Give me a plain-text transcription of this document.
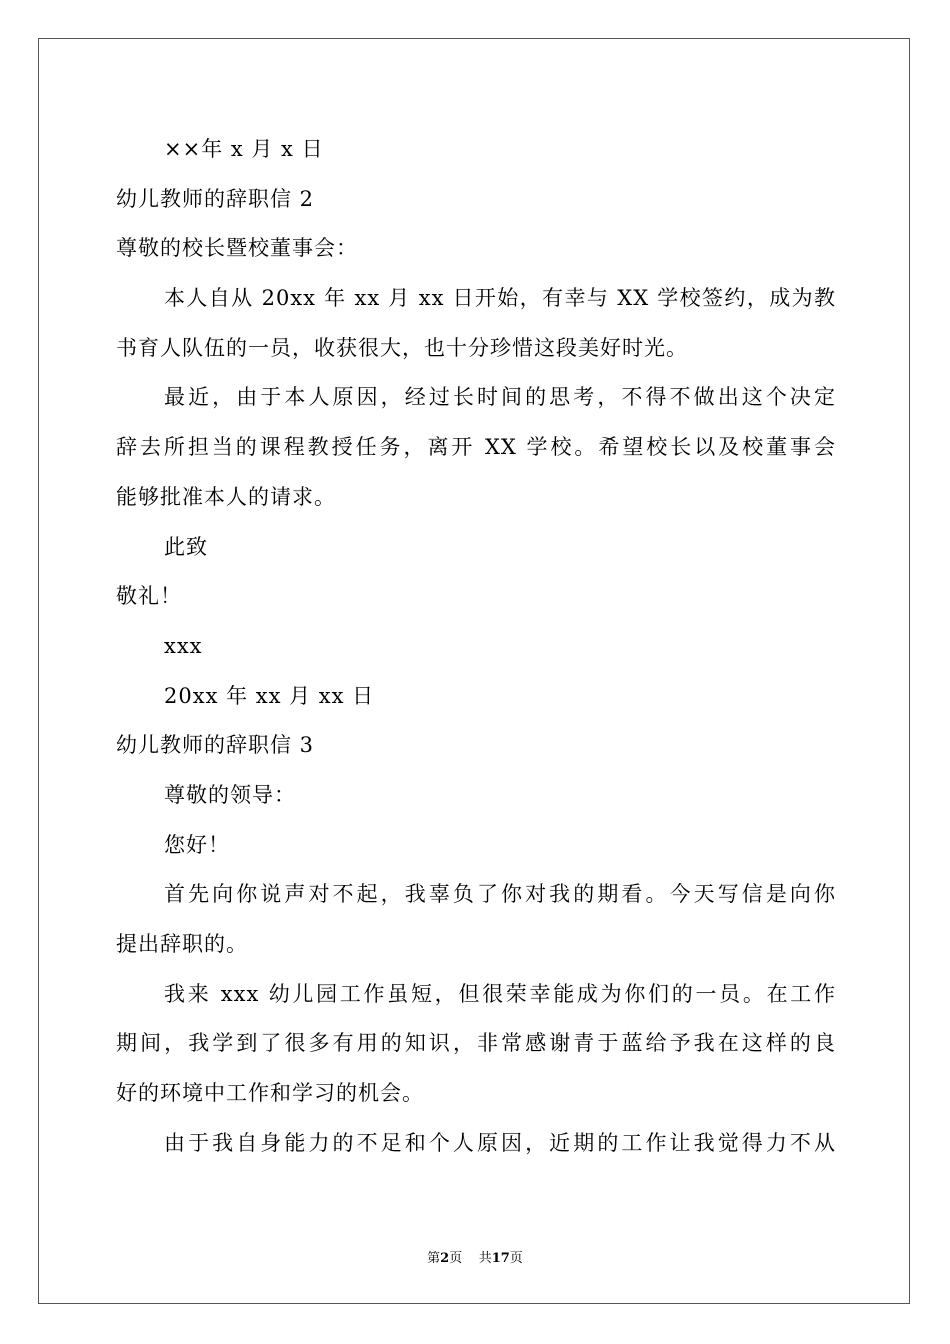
××年 x 月 x 日
幼儿教师的辞职信 2
尊敬的校长暨校董事会：
本人自从 20xx 年 xx 月 xx 日开始，有幸与 XX 学校签约，成为教
书育人队伍的一员，收获很大，也十分珍惜这段美好时光。
最近，由于本人原因，经过长时间的思考，不得不做出这个决定
辞去所担当的课程教授任务，离开 XX 学校。希望校长以及校董事会
能够批准本人的请求。
此致
敬礼！
xxx
20xx 年 xx 月 xx 日
幼儿教师的辞职信 3
尊敬的领导：
您好！
首先向你说声对不起，我辜负了你对我的期看。今天写信是向你
提出辞职的。
我来 xxx 幼儿园工作虽短，但很荣幸能成为你们的一员。在工作
期间，我学到了很多有用的知识，非常感谢青于蓝给予我在这样的良
好的环境中工作和学习的机会。
由于我自身能力的不足和个人原因，近期的工作让我觉得力不从
第2页 共17页
